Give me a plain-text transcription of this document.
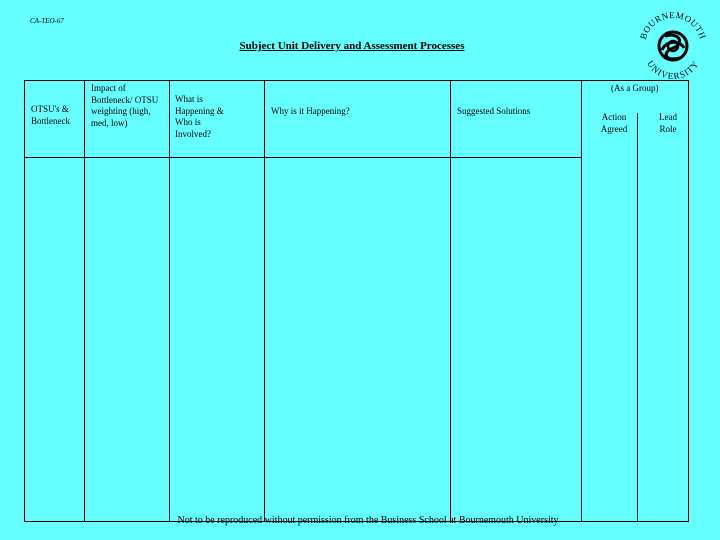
CA-TEO-67
Subject Unit Delivery and Assessment Processes
BOURNEMOUTH
UNIVERSITY
OTSU's & Bottleneck
Impact of Bottleneck/ OTSU weighting (high, med, low)
What is Happening & Who is Involved?
Why is it Happening?	Suggested Solutions
(As a Group)
Action Agreed
Lead Role
Not to be reproduced without permission from the Business School at Bournemouth University
